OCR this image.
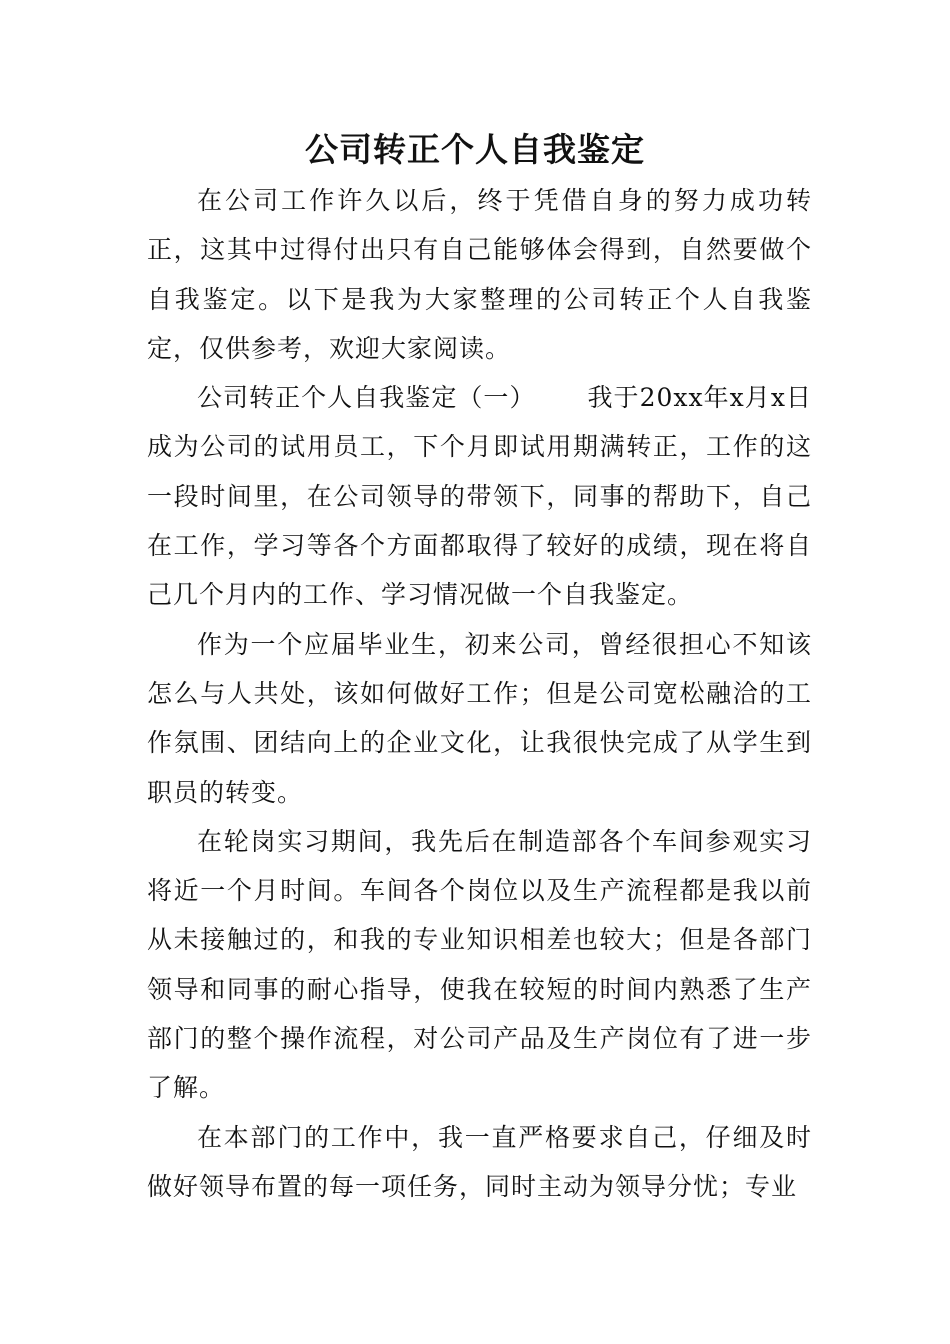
公司转正个人自我鉴定

在公司工作许久以后，终于凭借自身的努力成功转正，这其中过得付出只有自己能够体会得到，自然要做个自我鉴定。以下是我为大家整理的公司转正个人自我鉴定，仅供参考，欢迎大家阅读。

公司转正个人自我鉴定（一） 我于20xx年x月x日成为公司的试用员工，下个月即试用期满转正，工作的这一段时间里，在公司领导的带领下，同事的帮助下，自己在工作，学习等各个方面都取得了较好的成绩，现在将自己几个月内的工作、学习情况做一个自我鉴定。

作为一个应届毕业生，初来公司，曾经很担心不知该怎么与人共处，该如何做好工作；但是公司宽松融洽的工作氛围、团结向上的企业文化，让我很快完成了从学生到职员的转变。

在轮岗实习期间，我先后在制造部各个车间参观实习将近一个月时间。车间各个岗位以及生产流程都是我以前从未接触过的，和我的专业知识相差也较大；但是各部门领导和同事的耐心指导，使我在较短的时间内熟悉了生产部门的整个操作流程，对公司产品及生产岗位有了进一步了解。

在本部门的工作中，我一直严格要求自己，仔细及时做好领导布置的每一项任务，同时主动为领导分忧；专业
